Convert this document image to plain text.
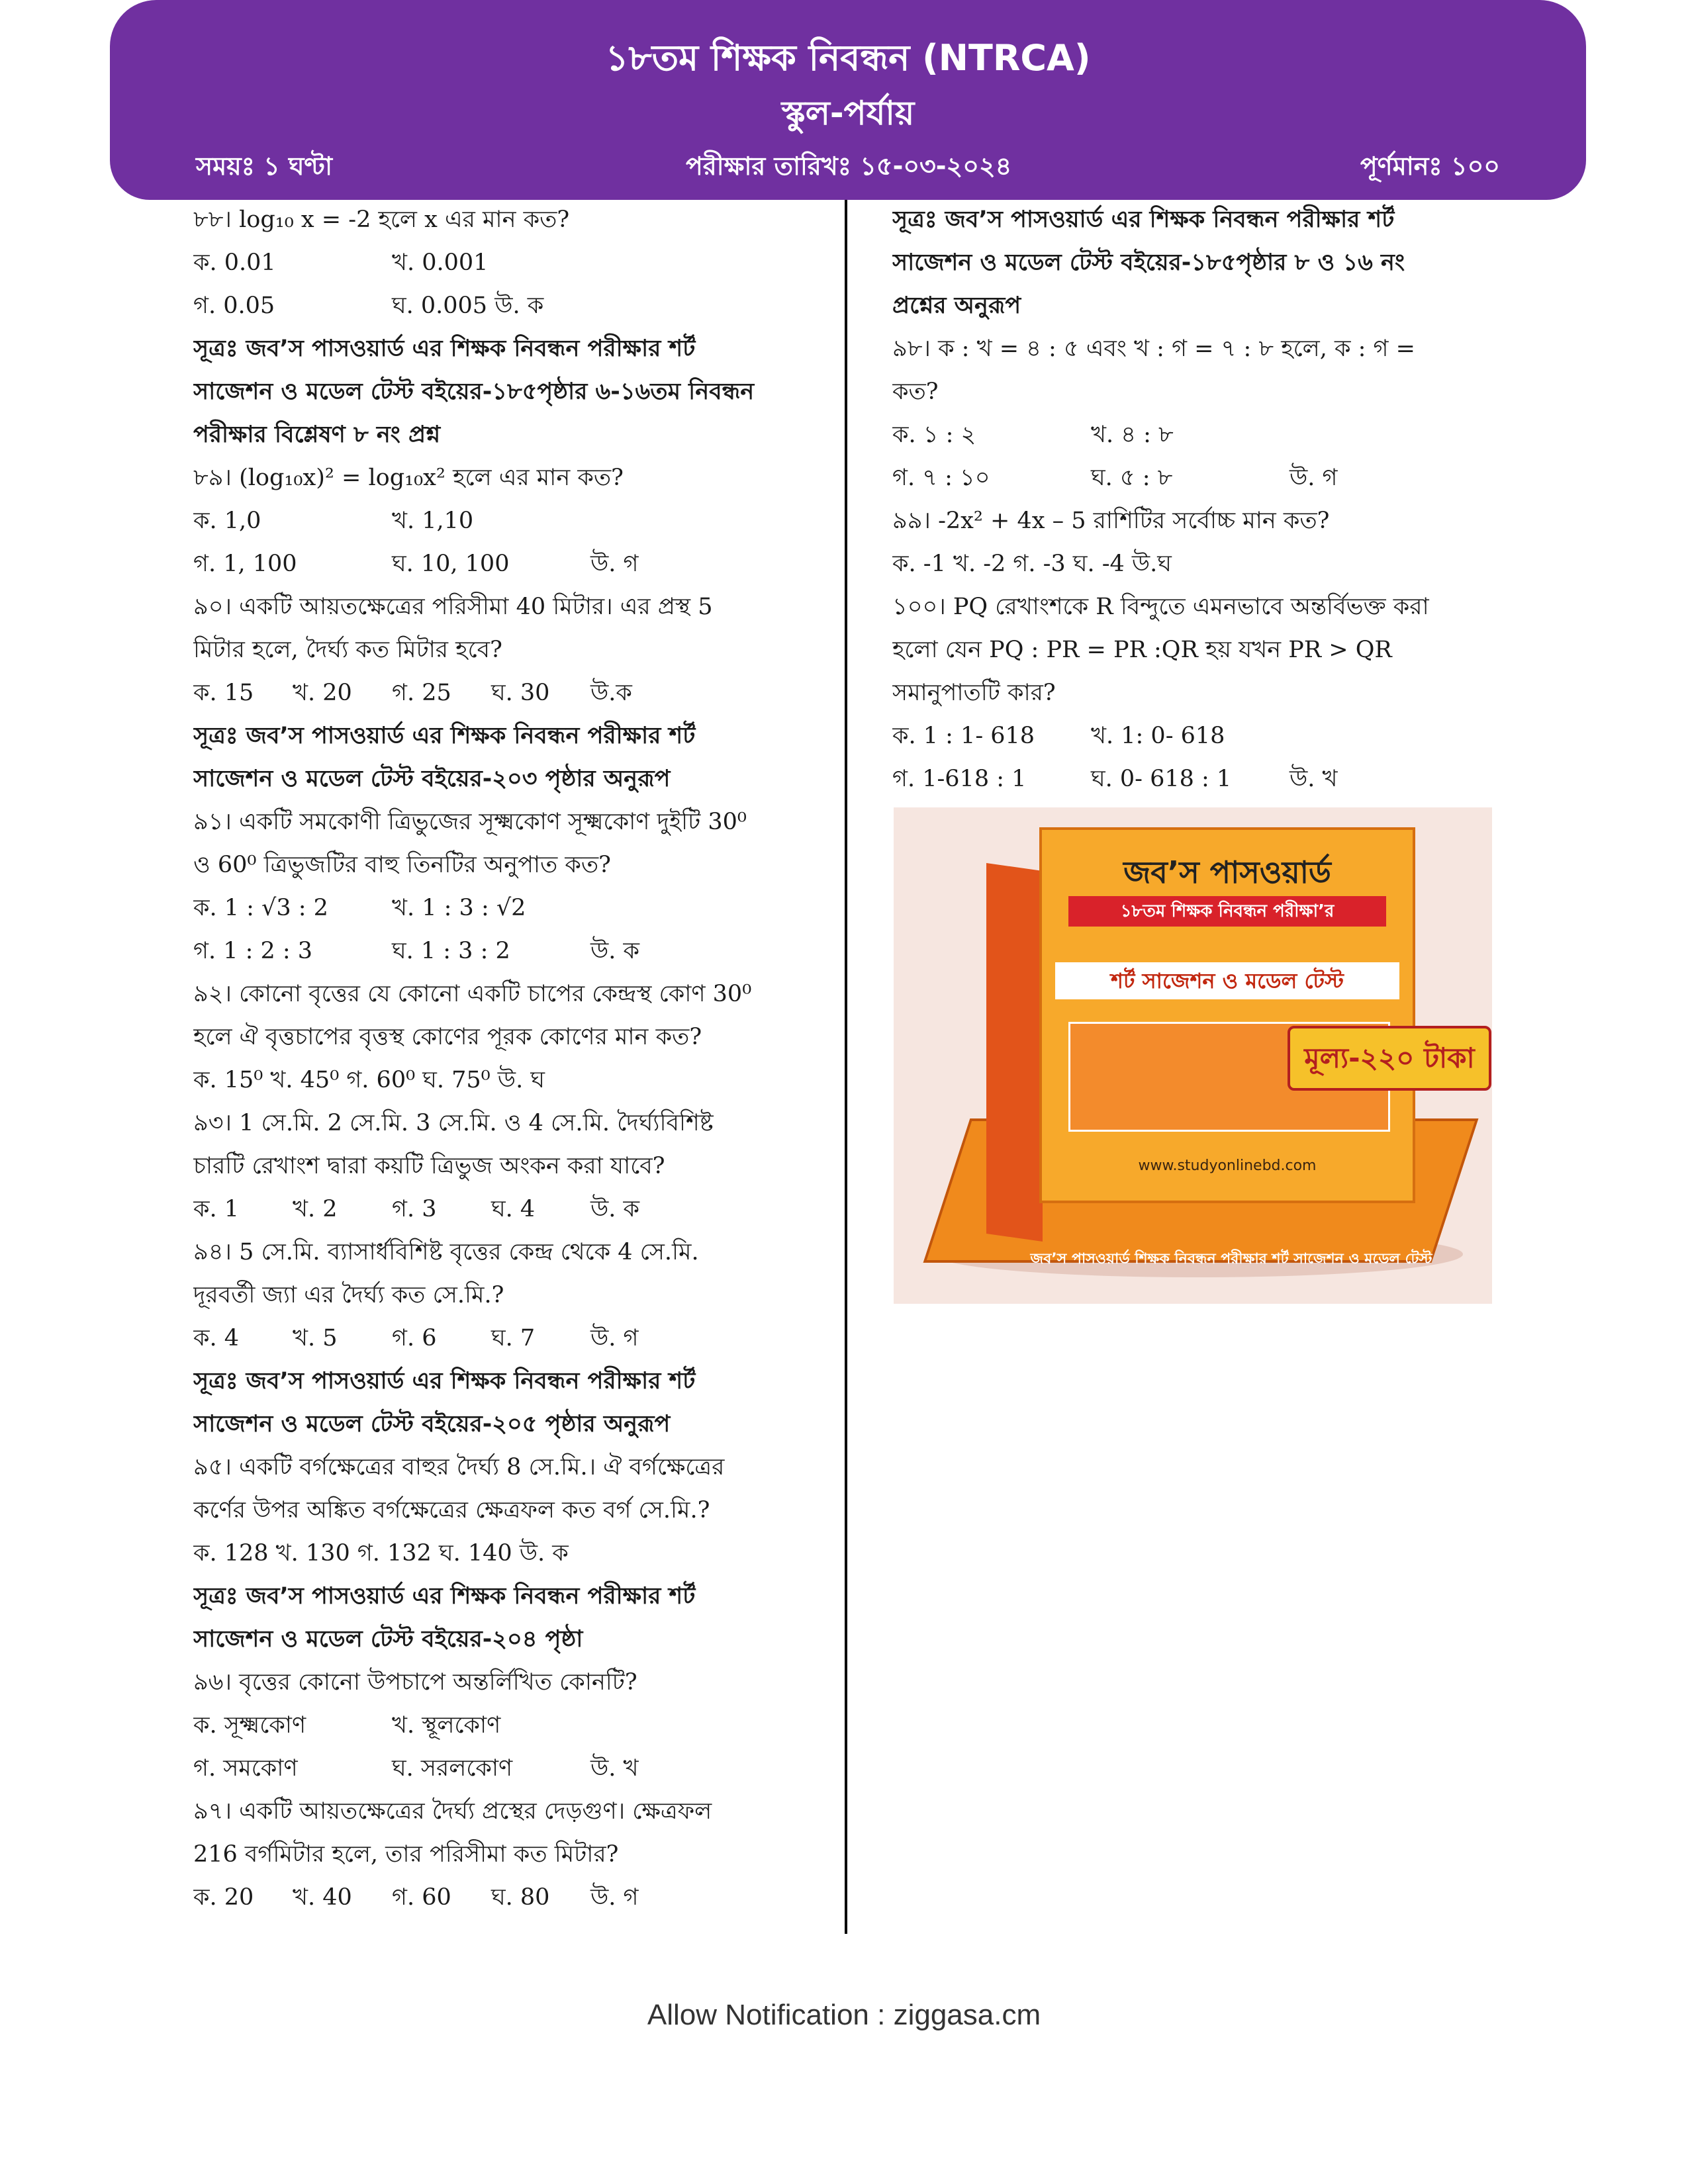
১৮তম শিক্ষক নিবন্ধন (NTRCA)
স্কুল-পর্যায়
সময়ঃ ১ ঘণ্টা	পরীক্ষার তারিখঃ ১৫-০৩-২০২৪	পূর্ণমানঃ ১০০
৮৮। log₁₀ x = -2 হলে x এর মান কত?
ক. 0.01	খ. 0.001
গ. 0.05	ঘ. 0.005 উ. ক
সূত্রঃ জব’স পাসওয়ার্ড এর শিক্ষক নিবন্ধন পরীক্ষার শর্ট
সাজেশন ও মডেল টেস্ট বইয়ের-১৮৫পৃষ্ঠার ৬-১৬তম নিবন্ধন
পরীক্ষার বিশ্লেষণ ৮ নং প্রশ্ন
৮৯। (log₁₀x)² = log₁₀x² হলে এর মান কত?
ক. 1,0	খ. 1,10
গ. 1, 100	ঘ. 10, 100	উ. গ
৯০। একটি আয়তক্ষেত্রের পরিসীমা 40 মিটার। এর প্রস্থ 5
মিটার হলে, দৈর্ঘ্য কত মিটার হবে?
ক. 15 খ. 20 গ. 25 ঘ. 30 উ.ক
সূত্রঃ জব’স পাসওয়ার্ড এর শিক্ষক নিবন্ধন পরীক্ষার শর্ট
সাজেশন ও মডেল টেস্ট বইয়ের-২০৩ পৃষ্ঠার অনুরূপ
৯১। একটি সমকোণী ত্রিভুজের সূক্ষ্মকোণ সূক্ষ্মকোণ দুইটি 30⁰
ও 60⁰ ত্রিভুজটির বাহু তিনটির অনুপাত কত?
ক. 1 : √3 : 2	খ. 1 : 3 : √2
গ. 1 : 2 : 3	ঘ. 1 : 3 : 2	উ. ক
৯২। কোনো বৃত্তের যে কোনো একটি চাপের কেন্দ্রস্থ কোণ 30⁰
হলে ঐ বৃত্তচাপের বৃত্তস্থ কোণের পূরক কোণের মান কত?
ক. 15⁰ খ. 45⁰ গ. 60⁰ ঘ. 75⁰ উ. ঘ
৯৩। 1 সে.মি. 2 সে.মি. 3 সে.মি. ও 4 সে.মি. দৈর্ঘ্যবিশিষ্ট
চারটি রেখাংশ দ্বারা কয়টি ত্রিভুজ অংকন করা যাবে?
ক. 1 খ. 2 গ. 3 ঘ. 4 উ. ক
৯৪। 5 সে.মি. ব্যাসার্ধবিশিষ্ট বৃত্তের কেন্দ্র থেকে 4 সে.মি.
দূরবর্তী জ্যা এর দৈর্ঘ্য কত সে.মি.?
ক. 4 খ. 5 গ. 6 ঘ. 7 উ. গ
সূত্রঃ জব’স পাসওয়ার্ড এর শিক্ষক নিবন্ধন পরীক্ষার শর্ট
সাজেশন ও মডেল টেস্ট বইয়ের-২০৫ পৃষ্ঠার অনুরূপ
৯৫। একটি বর্গক্ষেত্রের বাহুর দৈর্ঘ্য 8 সে.মি.। ঐ বর্গক্ষেত্রের
কর্ণের উপর অঙ্কিত বর্গক্ষেত্রের ক্ষেত্রফল কত বর্গ সে.মি.?
ক. 128 খ. 130 গ. 132 ঘ. 140 উ. ক
সূত্রঃ জব’স পাসওয়ার্ড এর শিক্ষক নিবন্ধন পরীক্ষার শর্ট
সাজেশন ও মডেল টেস্ট বইয়ের-২০৪ পৃষ্ঠা
৯৬। বৃত্তের কোনো উপচাপে অন্তর্লিখিত কোনটি?
ক. সূক্ষ্মকোণ	খ. স্থূলকোণ
গ. সমকোণ	ঘ. সরলকোণ	উ. খ
৯৭। একটি আয়তক্ষেত্রের দৈর্ঘ্য প্রস্থের দেড়গুণ। ক্ষেত্রফল
216 বর্গমিটার হলে, তার পরিসীমা কত মিটার?
ক. 20 খ. 40 গ. 60 ঘ. 80 উ. গ
সূত্রঃ জব’স পাসওয়ার্ড এর শিক্ষক নিবন্ধন পরীক্ষার শর্ট
সাজেশন ও মডেল টেস্ট বইয়ের-১৮৫পৃষ্ঠার ৮ ও ১৬ নং
প্রশ্নের অনুরূপ
৯৮। ক : খ = ৪ : ৫ এবং খ : গ = ৭ : ৮ হলে, ক : গ =
কত?
ক. ১ : ২	খ. ৪ : ৮
গ. ৭ : ১০	ঘ. ৫ : ৮	উ. গ
৯৯। -2x² + 4x – 5 রাশিটির সর্বোচ্চ মান কত?
ক. -1 খ. -2 গ. -3 ঘ. -4 উ.ঘ
১০০। PQ রেখাংশকে R বিন্দুতে এমনভাবে অন্তর্বিভক্ত করা
হলো যেন PQ : PR = PR :QR হয় যখন PR > QR
সমানুপাতটি কার?
ক. 1 : 1- 618 খ. 1: 0- 618
গ. 1-618 : 1	ঘ. 0- 618 : 1	উ. খ
জব’স পাসওয়ার্ড শিক্ষক নিবন্ধন পরীক্ষার শর্ট সাজেশন ও মডেল টেস্ট
জব’স পাসওয়ার্ড
১৮তম শিক্ষক নিবন্ধন পরীক্ষা’র
শর্ট সাজেশন ও মডেল টেস্ট
www.studyonlinebd.com
মূল্য-২২০ টাকা
Allow Notification : ziggasa.cm
